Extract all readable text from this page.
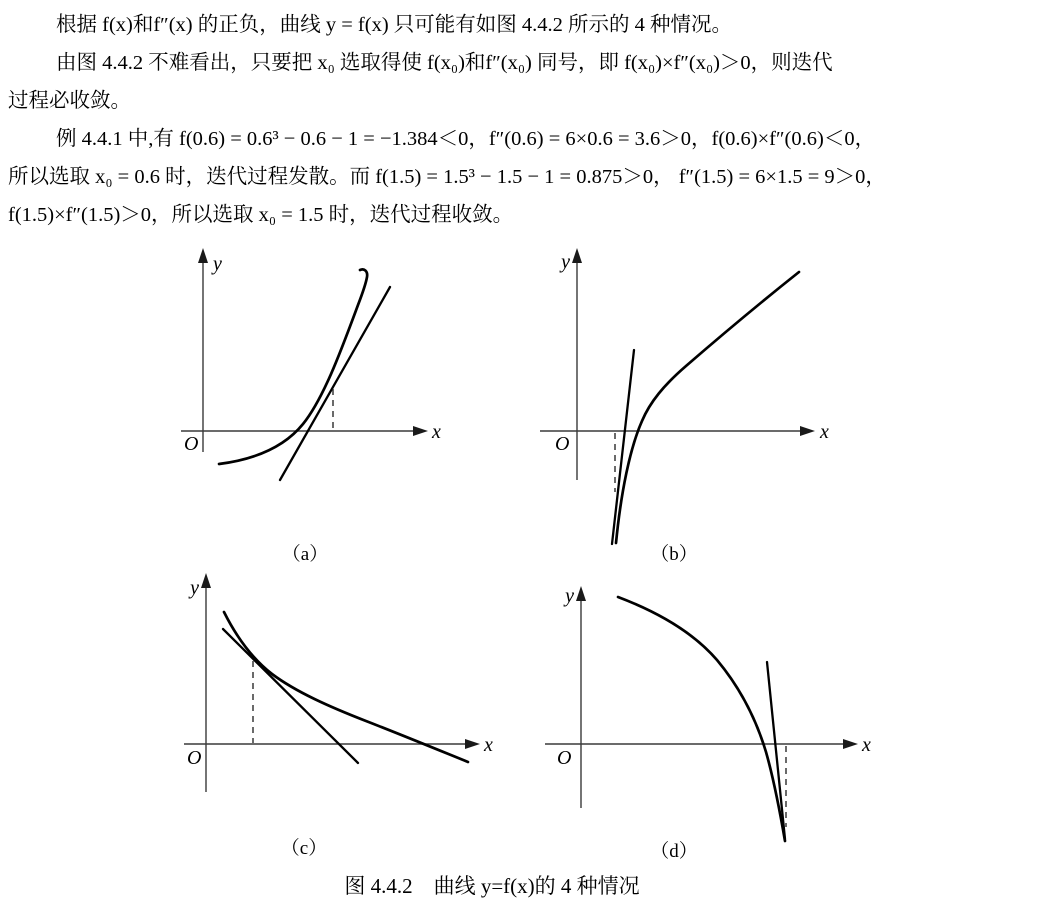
根据 f(x)和f″(x) 的正负，曲线 y = f(x) 只可能有如图 4.4.2 所示的 4 种情况。
由图 4.4.2 不难看出，只要把 x₀ 选取得使 f(x₀)和f″(x₀) 同号，即 f(x₀)×f″(x₀)＞0，则迭代
过程必收敛。
例 4.4.1 中,有 f(0.6) = 0.6³ − 0.6 − 1 = −1.384＜0，f″(0.6) = 6×0.6 = 3.6＞0，f(0.6)×f″(0.6)＜0，
所以选取 x₀ = 0.6 时，迭代过程发散。而 f(1.5) = 1.5³ − 1.5 − 1 = 0.875＞0， f″(1.5) = 6×1.5 = 9＞0，
f(1.5)×f″(1.5)＞0，所以选取 x₀ = 1.5 时，迭代过程收敛。
y
x
O
（a）
y
x
O
（b）
y
x
O
（c）
y
x
O
（d）
图 4.4.2　曲线 y=f(x)的 4 种情况
